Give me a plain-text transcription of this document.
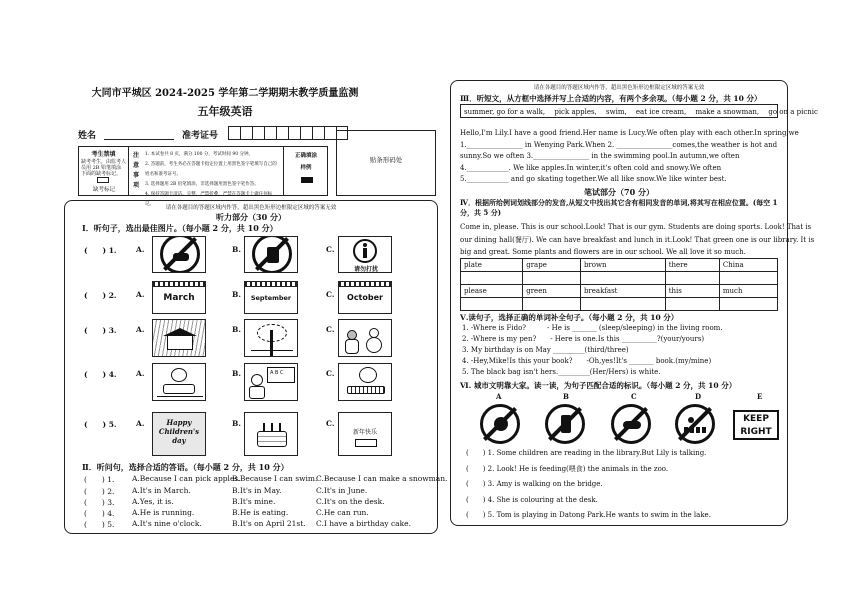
大同市平城区 2024-2025 学年第二学期期末教学质量监测
五年级英语
姓名	准考证号
考生禁填
缺考考生，由监考人员用 2B 铅笔填涂下面的缺考标记。
缺考标记
注意事项
1. 本试卷共 8 页，满分 100 分，考试时间 90 分钟。
2. 答题前，考生务必在答题卡指定位置上用黑色签字笔填写自己的姓名和准考证号。
3. 选择题用 2B 铅笔填涂，非选择题用黑色签字笔作答。
4. 保持答题卡清洁、完整，严禁折叠，严禁在答题卡上做任何标记。
正确填涂
样例
贴条形码处
请在各题目的答题区域内作答，超出黑色矩形边框限定区域的答案无效
听力部分（30 分）
Ⅰ．听句子，选出最佳图片。（每小题 2 分，共 10 分）
(　　) 1.	A.	B.	C.
(　　) 2.	A.	B.	C.
(　　) 3.	A.	B.	C.
(　　) 4.	A.	B.	C.
(　　) 5.	A.	B.	C.
请勿打扰
March	September	October
A B C
Happy
Children's
day
新年快乐
Ⅱ．听问句，选择合适的答语。（每小题 2 分，共 10 分）
(　　) 1. A.Because I can pick apples.
B.Because I can swim.
C.Because I can make a snowman.
(　　) 2. A.It's in March.	B.It's in May.	C.It's in June.
(　　) 3. A.Yes, it is.	B.It's mine.	C.It's on the desk.
(　　) 4. A.He is running.	B.He is eating.	C.He can run.
(　　) 5. A.It's nine o'clock.	B.It's on April 21st. C.I have a birthday cake.
请在各题目的答题区域内作答，超出黑色矩形边框限定区域的答案无效
Ⅲ．听短文，从方框中选择并写上合适的内容，有两个多余项。（每小题 2 分，共 10 分）
summer, go for a walk,　 pick apples,　 swim,　 eat ice cream,　 make a snowman,　 go on a picnic
Hello,I'm Lily.I have a good friend.Her name is Lucy.We often play with each other.In spring,we
1.________________ in Wenying Park.When 2. ________________comes,the weather is hot and
sunny.So we often 3.________________ in the swimming pool.In autumn,we often
4.____________. We like apples.In winter,it's often cold and snowy.We often
5.____________ and go skating together.We all like snow.We like winter best.
笔试部分（70 分）
Ⅳ．根据所给例词划线部分的发音,从短文中找出其它含有相同发音的单词,将其写在相应位置。(每空 1 分，共 5 分)
Come in, please. This is our school.Look! That is our gym. Students are doing sports. Look! That is
our dining hall(餐厅). We can have breakfast and lunch in it.Look! That green one is our library. It is
big and great. Some plants and flowers are in our school. We all love it so much.
plate	grape	brown	there	China

please	green	breakfast	this	much

Ⅴ.读句子，选择正确的单词补全句子。（每小题 2 分，共 10 分）
1. -Where is Fido?　　　- He is _______ (sleep/sleeping) in the living room.
2. -Where is my pen?　　- Here is one.Is this __________?(your/yours)
3. My birthday is on May _________(third/three)
4. -Hey,Mike!Is this your book?　　-Oh,yes!It's _______ book.(my/mine)
5. The black bag isn't hers._________(Her/Hers) is white.
Ⅵ. 城市文明靠大家。读一读，为句子匹配合适的标识。（每小题 2 分，共 10 分）
A	B	C	D	E
KEEP
RIGHT
(　　) 1. Some children are reading in the library.But Lily is talking.
(　　) 2. Look! He is feeding(喂食) the animals in the zoo.
(　　) 3. Amy is walking on the bridge.
(　　) 4. She is colouring at the desk.
(　　) 5. Tom is playing in Datong Park.He wants to swim in the lake.
